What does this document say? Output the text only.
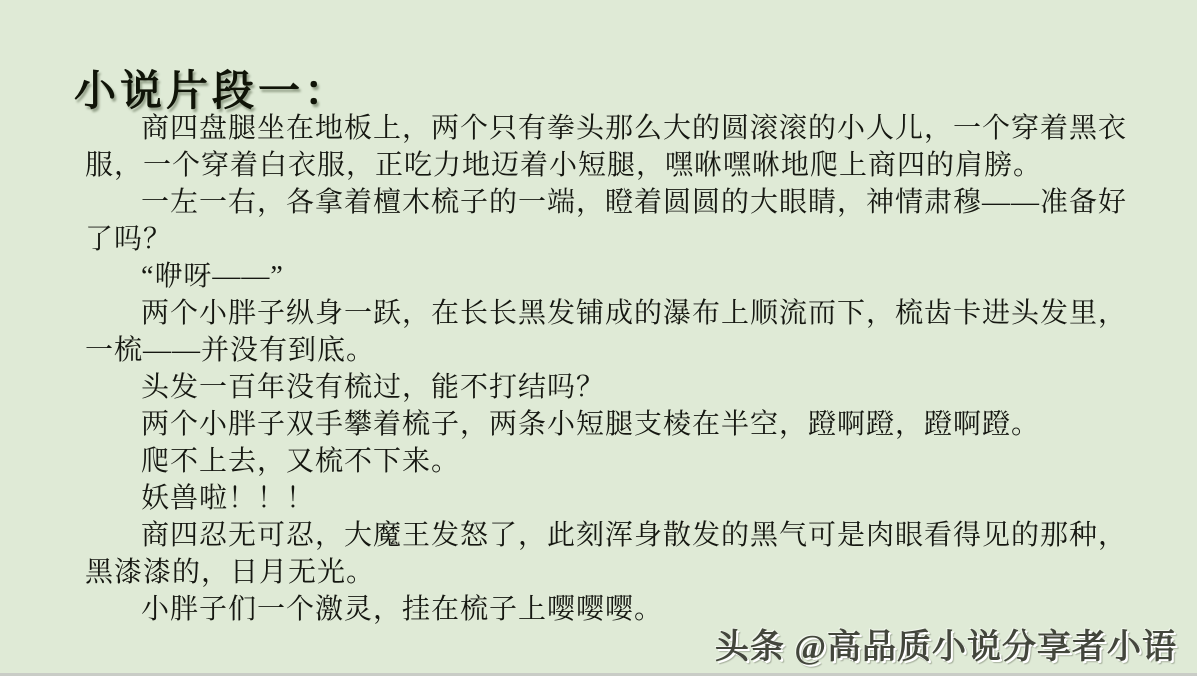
小说片段一：

商四盘腿坐在地板上，两个只有拳头那么大的圆滚滚的小人儿，一个穿着黑衣服，一个穿着白衣服，正吃力地迈着小短腿，嘿咻嘿咻地爬上商四的肩膀。

一左一右，各拿着檀木梳子的一端，瞪着圆圆的大眼睛，神情肃穆——准备好了吗？

“咿呀——”

两个小胖子纵身一跃，在长长黑发铺成的瀑布上顺流而下，梳齿卡进头发里，一梳——并没有到底。

头发一百年没有梳过，能不打结吗？

两个小胖子双手攀着梳子，两条小短腿支棱在半空，蹬啊蹬，蹬啊蹬。

爬不上去，又梳不下来。

妖兽啦！！！

商四忍无可忍，大魔王发怒了，此刻浑身散发的黑气可是肉眼看得见的那种，黑漆漆的，日月无光。

小胖子们一个激灵，挂在梳子上嘤嘤嘤。

头条 @高品质小说分享者小语
